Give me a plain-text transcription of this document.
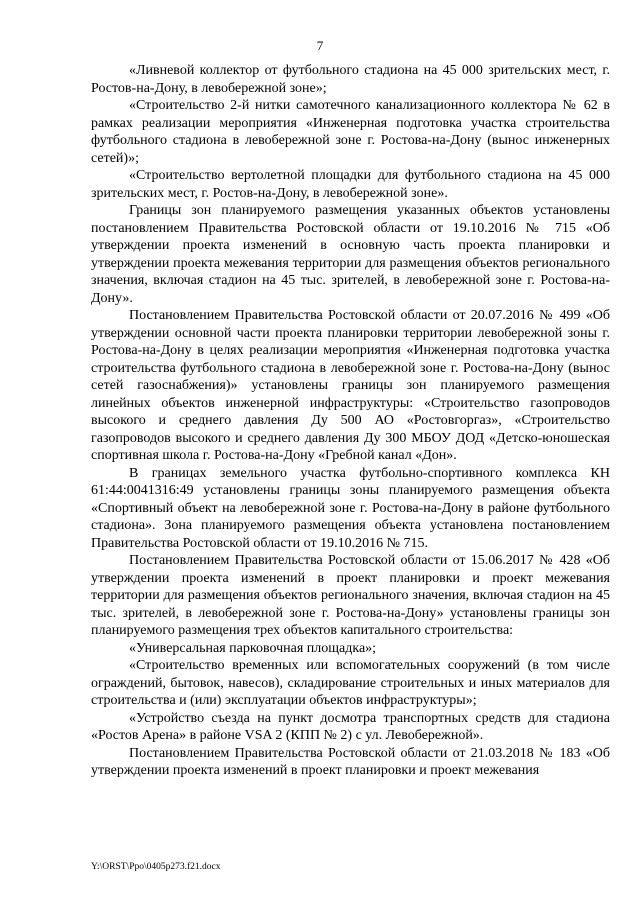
7

«Ливневой коллектор от футбольного стадиона на 45 000 зрительских мест, г. Ростов-на-Дону, в левобережной зоне»;

«Строительство 2-й нитки самотечного канализационного коллектора № 62 в рамках реализации мероприятия «Инженерная подготовка участка строительства футбольного стадиона в левобережной зоне г. Ростова-на-Дону (вынос инженерных сетей)»;

«Строительство вертолетной площадки для футбольного стадиона на 45 000 зрительских мест, г. Ростов-на-Дону, в левобережной зоне».

Границы зон планируемого размещения указанных объектов установлены постановлением Правительства Ростовской области от 19.10.2016 № 715 «Об утверждении проекта изменений в основную часть проекта планировки и утверждении проекта межевания территории для размещения объектов регионального значения, включая стадион на 45 тыс. зрителей, в левобережной зоне г. Ростова-на-Дону».

Постановлением Правительства Ростовской области от 20.07.2016 № 499 «Об утверждении основной части проекта планировки территории левобережной зоны г. Ростова-на-Дону в целях реализации мероприятия «Инженерная подготовка участка строительства футбольного стадиона в левобережной зоне г. Ростова-на-Дону (вынос сетей газоснабжения)» установлены границы зон планируемого размещения линейных объектов инженерной инфраструктуры: «Строительство газопроводов высокого и среднего давления Ду 500 АО «Ростовгоргаз», «Строительство газопроводов высокого и среднего давления Ду 300 МБОУ ДОД «Детско-юношеская спортивная школа г. Ростова-на-Дону «Гребной канал «Дон».

В границах земельного участка футбольно-спортивного комплекса КН 61:44:0041316:49 установлены границы зоны планируемого размещения объекта «Спортивный объект на левобережной зоне г. Ростова-на-Дону в районе футбольного стадиона». Зона планируемого размещения объекта установлена постановлением Правительства Ростовской области от 19.10.2016 № 715.

Постановлением Правительства Ростовской области от 15.06.2017 № 428 «Об утверждении проекта изменений в проект планировки и проект межевания территории для размещения объектов регионального значения, включая стадион на 45 тыс. зрителей, в левобережной зоне г. Ростова-на-Дону» установлены границы зон планируемого размещения трех объектов капитального строительства:

«Универсальная парковочная площадка»;

«Строительство временных или вспомогательных сооружений (в том числе ограждений, бытовок, навесов), складирование строительных и иных материалов для строительства и (или) эксплуатации объектов инфраструктуры»;

«Устройство съезда на пункт досмотра транспортных средств для стадиона «Ростов Арена» в районе VSA 2 (КПП № 2) с ул. Левобережной».

Постановлением Правительства Ростовской области от 21.03.2018 № 183 «Об утверждении проекта изменений в проект планировки и проект межевания

Y:\ORST\Ppo\0405p273.f21.docx
